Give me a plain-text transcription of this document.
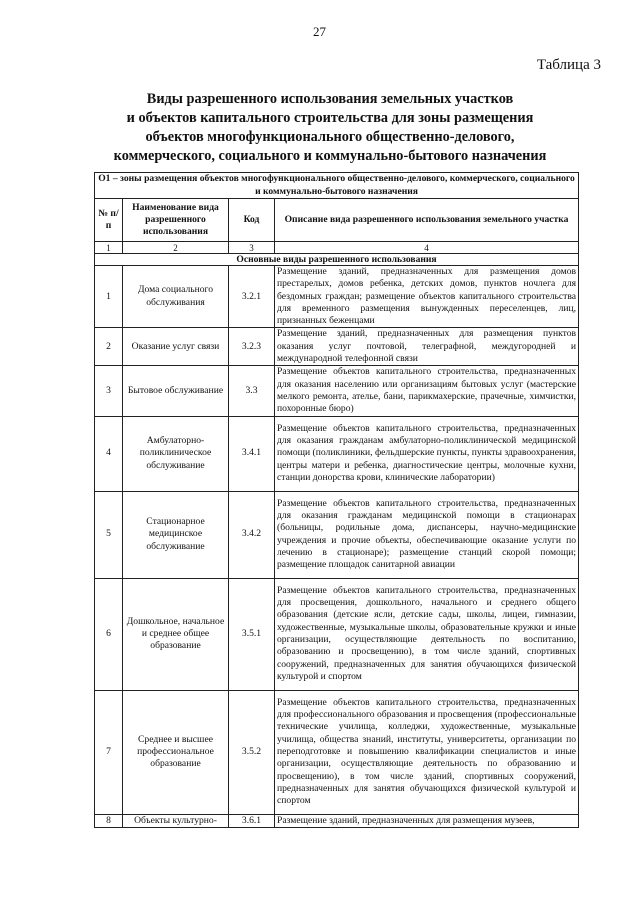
27
Таблица 3
Виды разрешенного использования земельных участков
и объектов капитального строительства для зоны размещения
объектов многофункционального общественно-делового,
коммерческого, социального и коммунально-бытового назначения
О1 – зоны размещения объектов многофункционального общественно-делового, коммерческого, социального и коммунально-бытового назначения			
№ п/п	Наименование вида разрешенного использования	Код	Описание вида разрешенного использования земельного участка
1	2	3	4
Основные виды разрешенного использования			
1	Дома социального обслуживания	3.2.1	Размещение зданий, предназначенных для размещения домов престарелых, домов ребенка, детских домов, пунктов ночлега для бездомных граждан; размещение объектов капитального строительства для временного размещения вынужденных переселенцев, лиц, признанных беженцами
2	Оказание услуг связи	3.2.3	Размещение зданий, предназначенных для размещения пунктов оказания услуг почтовой, телеграфной, междугородней и международной телефонной связи
3	Бытовое обслуживание	3.3	Размещение объектов капитального строительства, предназначенных для оказания населению или организациям бытовых услуг (мастерские мелкого ремонта, ателье, бани, парикмахерские, прачечные, химчистки, похоронные бюро)
4	Амбулаторно-поликлиническое обслуживание	3.4.1	Размещение объектов капитального строительства, предназначенных для оказания гражданам амбулаторно-поликлинической медицинской помощи (поликлиники, фельдшерские пункты, пункты здравоохранения, центры матери и ребенка, диагностические центры, молочные кухни, станции донорства крови, клинические лаборатории)
5	Стационарное медицинское обслуживание	3.4.2	Размещение объектов капитального строительства, предназначенных для оказания гражданам медицинской помощи в стационарах (больницы, родильные дома, диспансеры, научно-медицинские учреждения и прочие объекты, обеспечивающие оказание услуги по лечению в стационаре); размещение станций скорой помощи; размещение площадок санитарной авиации
6	Дошкольное, начальное и среднее общее образование	3.5.1	Размещение объектов капитального строительства, предназначенных для просвещения, дошкольного, начального и среднего общего образования (детские ясли, детские сады, школы, лицеи, гимназии, художественные, музыкальные школы, образовательные кружки и иные организации, осуществляющие деятельность по воспитанию, образованию и просвещению), в том числе зданий, спортивных сооружений, предназначенных для занятия обучающихся физической культурой и спортом
7	Среднее и высшее профессиональное образование	3.5.2	Размещение объектов капитального строительства, предназначенных для профессионального образования и просвещения (профессиональные технические училища, колледжи, художественные, музыкальные училища, общества знаний, институты, университеты, организации по переподготовке и повышению квалификации специалистов и иные организации, осуществляющие деятельность по образованию и просвещению), в том числе зданий, спортивных сооружений, предназначенных для занятия обучающихся физической культурой и спортом
8	Объекты культурно-	3.6.1	Размещение зданий, предназначенных для размещения музеев,
